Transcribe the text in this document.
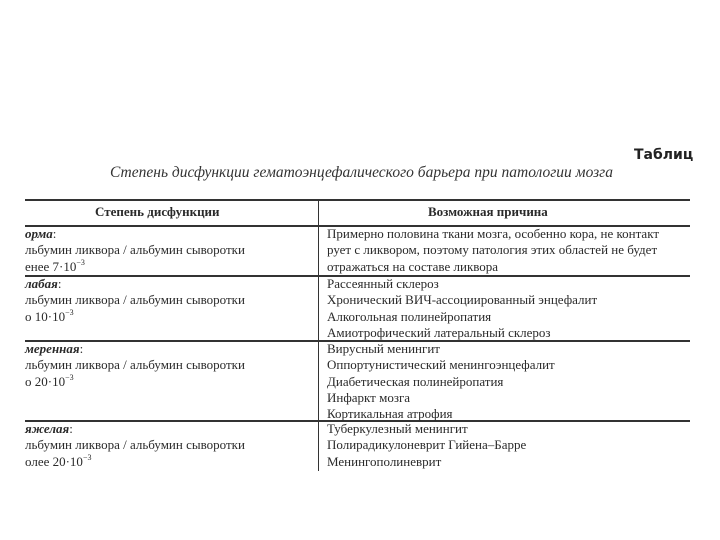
Таблиц
Степень дисфункции гематоэнцефалического барьера при патологии мозга
Степень дисфункции	Возможная причина
орма:
льбумин ликвора / альбумин сыворотки
енее $7\cdot 10^{-3}$
Примерно половина ткани мозга, особенно кора, не контакт
рует с ликвором, поэтому патология этих областей не будет
отражаться на составе ликвора
лабая:
льбумин ликвора / альбумин сыворотки
о $10\cdot 10^{-3}$
Рассеянный склероз
Хронический ВИЧ-ассоциированный энцефалит
Алкогольная полинейропатия
Амиотрофический латеральный склероз
меренная:
льбумин ликвора / альбумин сыворотки
о $20\cdot 10^{-3}$
Вирусный менингит
Оппортунистический менингоэнцефалит
Диабетическая полинейропатия
Инфаркт мозга
Кортикальная атрофия
яжелая:
льбумин ликвора / альбумин сыворотки
олее $20\cdot 10^{-3}$
Туберкулезный менингит
Полирадикулоневрит Гийена–Барре
Менингополиневрит
